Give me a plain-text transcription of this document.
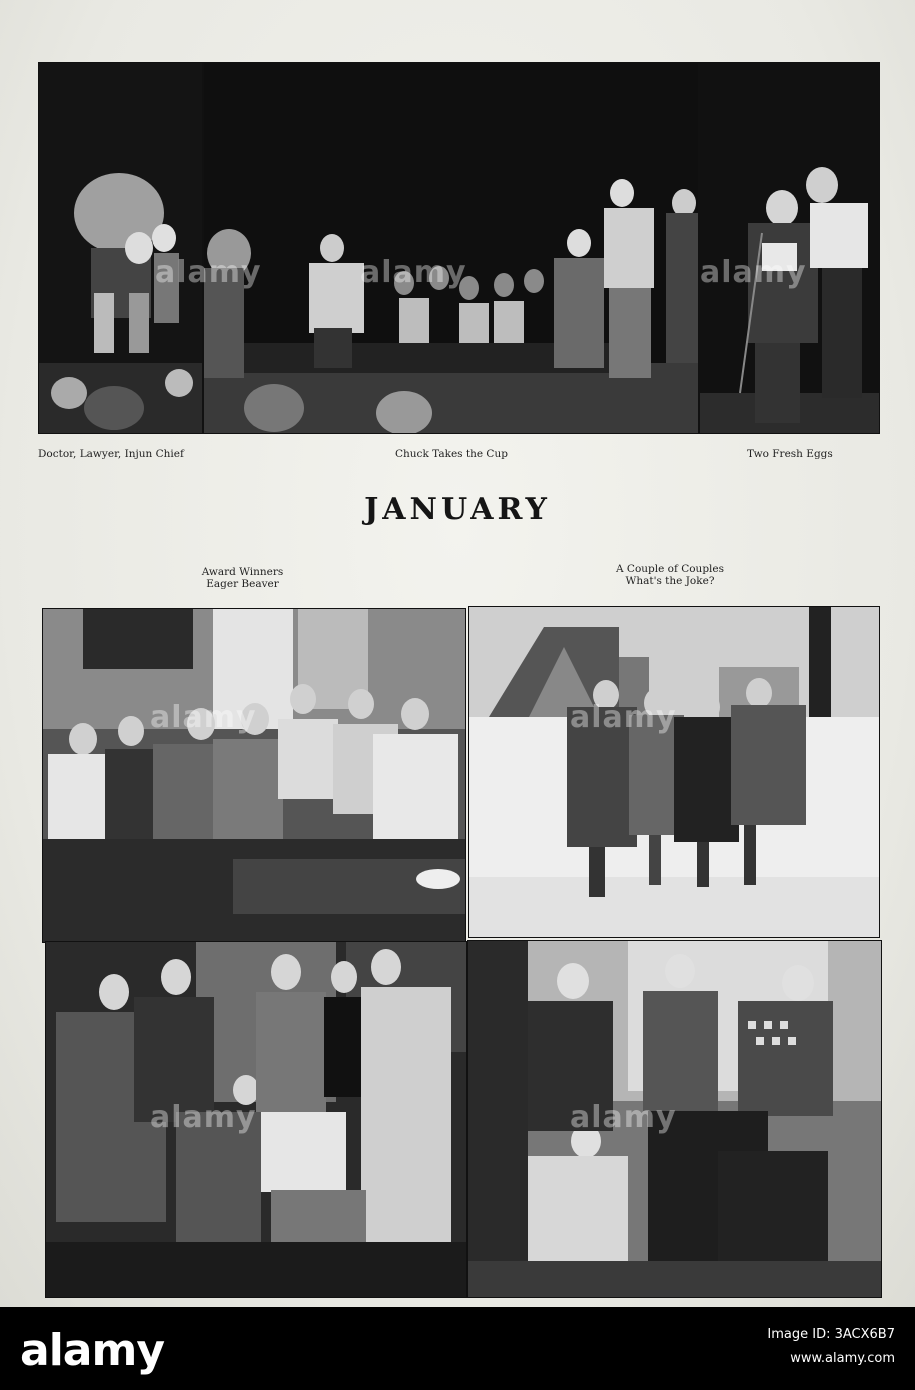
Doctor, Lawyer, Injun Chief	Chuck Takes the Cup	Two Fresh Eggs
JANUARY
Award Winners
Eager Beaver
A Couple of Couples
What's the Joke?
alamy	alamy	alamy
alamy	alamy
alamy	alamy
alamy	Image ID: 3ACX6B7
www.alamy.com
